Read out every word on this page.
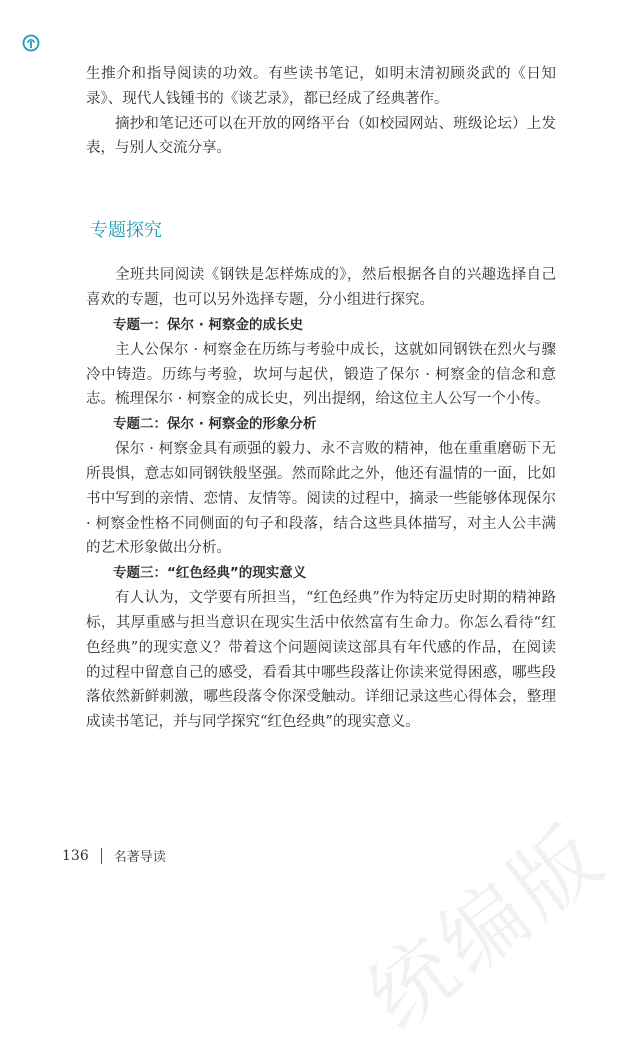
生推介和指导阅读的功效。有些读书笔记，如明末清初顾炎武的《日知录》、现代人钱锺书的《谈艺录》，都已经成了经典著作。

摘抄和笔记还可以在开放的网络平台（如校园网站、班级论坛）上发表，与别人交流分享。

专题探究

全班共同阅读《钢铁是怎样炼成的》，然后根据各自的兴趣选择自己喜欢的专题，也可以另外选择专题，分小组进行探究。

专题一：保尔 · 柯察金的成长史

主人公保尔 · 柯察金在历练与考验中成长，这就如同钢铁在烈火与骤冷中铸造。历练与考验，坎坷与起伏，锻造了保尔 · 柯察金的信念和意志。梳理保尔 · 柯察金的成长史，列出提纲，给这位主人公写一个小传。

专题二：保尔 · 柯察金的形象分析

保尔 · 柯察金具有顽强的毅力、永不言败的精神，他在重重磨砺下无所畏惧，意志如同钢铁般坚强。然而除此之外，他还有温情的一面，比如书中写到的亲情、恋情、友情等。阅读的过程中，摘录一些能够体现保尔 · 柯察金性格不同侧面的句子和段落，结合这些具体描写，对主人公丰满的艺术形象做出分析。

专题三：“红色经典”的现实意义

有人认为，文学要有所担当，“红色经典”作为特定历史时期的精神路标，其厚重感与担当意识在现实生活中依然富有生命力。你怎么看待“红色经典”的现实意义？带着这个问题阅读这部具有年代感的作品，在阅读的过程中留意自己的感受，看看其中哪些段落让你读来觉得困惑，哪些段落依然新鲜刺激，哪些段落令你深受触动。详细记录这些心得体会，整理成读书笔记，并与同学探究“红色经典”的现实意义。

统编版
136 名著导读
